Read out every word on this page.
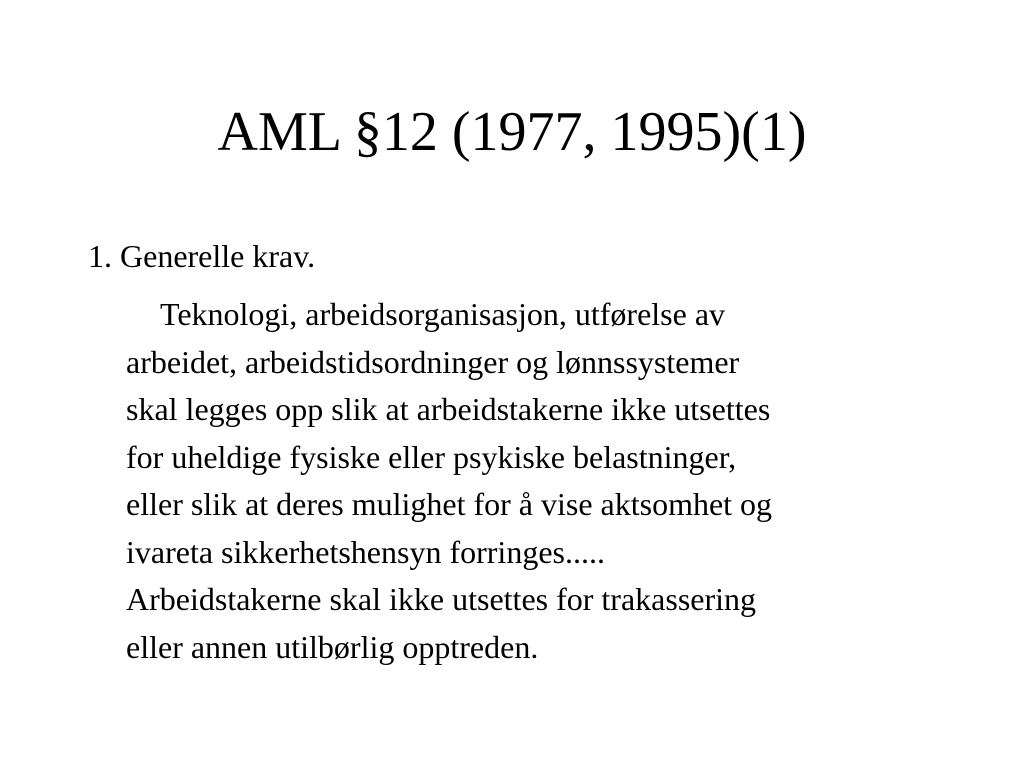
AML §12 (1977, 1995)(1)
1. Generelle krav.
Teknologi, arbeidsorganisasjon, utførelse av
arbeidet, arbeidstidsordninger og lønnssystemer
skal legges opp slik at arbeidstakerne ikke utsettes
for uheldige fysiske eller psykiske belastninger,
eller slik at deres mulighet for å vise aktsomhet og
ivareta sikkerhetshensyn forringes.....
Arbeidstakerne skal ikke utsettes for trakassering
eller annen utilbørlig opptreden.
